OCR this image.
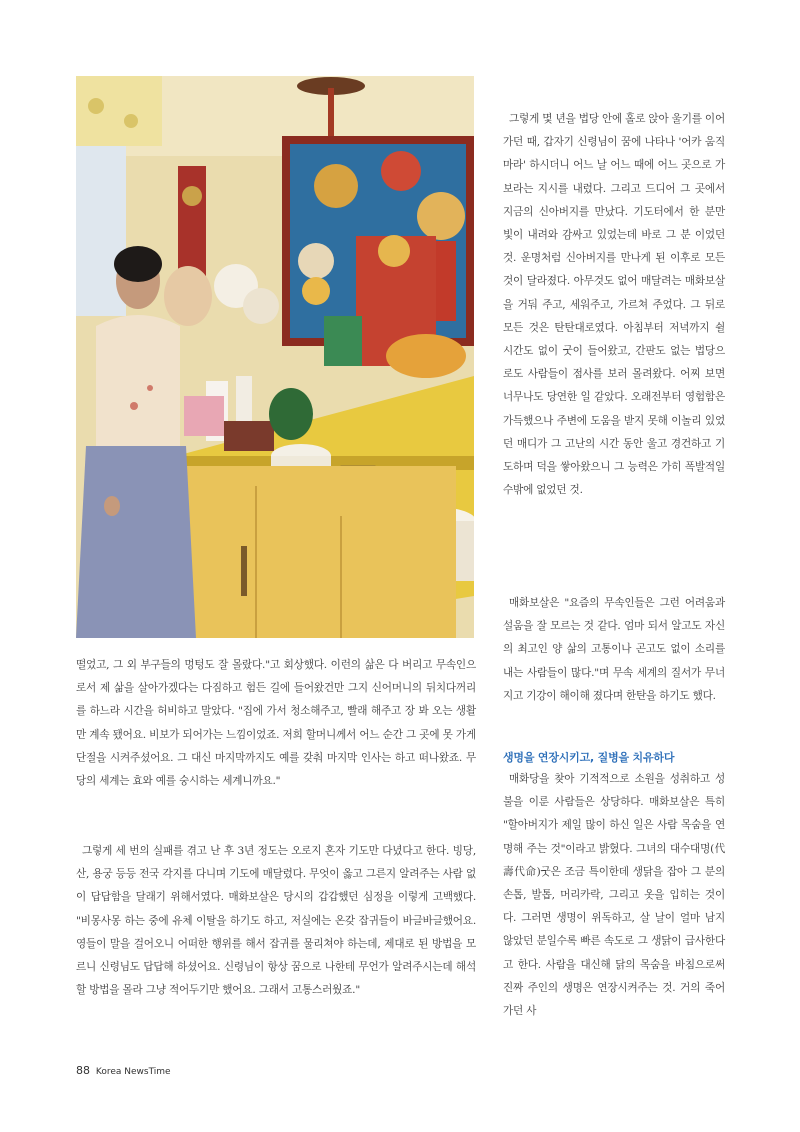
그렇게 몇 년을 법당 안에 홀로 앉아 울기를 이어가던 때, 갑자기 신령님이 꿈에 나타나 '어카 움직 마라' 하시더니 어느 날 어느 때에 어느 곳으로 가보라는 지시를 내렸다. 그리고 드디어 그 곳에서 지금의 신아버지를 만났다. 기도터에서 한 분만 빛이 내려와 감싸고 있었는데 바로 그 분 이었던 것. 운명처럼 신아버지를 만나게 된 이후로 모든 것이 달라졌다. 아무것도 없어 매달려는 매화보살을 거둬 주고, 세워주고, 가르쳐 주었다. 그 뒤로 모든 것은 탄탄대로였다. 아침부터 저녁까지 쉴 시간도 없이 굿이 들어왔고, 간판도 없는 법당으로도 사람들이 점사를 보러 몰려왔다. 어찌 보면 너무나도 당연한 일 같았다. 오래전부터 영험함은 가득했으나 주변에 도움을 받지 못해 이놀리 있었던 매디가 그 고난의 시간 동안 울고 경건하고 기도하며 덕을 쌓아왔으니 그 능력은 가히 폭발적일 수밖에 없었던 것.

매화보살은 "요즘의 무속인들은 그런 어려움과 설움을 잘 모르는 것 같다. 엄마 되서 알고도 자신의 최고인 양 삶의 고통이나 곤고도 없이 소리를 내는 사람들이 많다."며 무속 세계의 질서가 무너지고 기강이 해이해 졌다며 한탄을 하기도 했다.

생명을 연장시키고, 질병을 치유하다

매화당을 찾아 기적적으로 소원을 성취하고 성불을 이룬 사람들은 상당하다. 매화보살은 특히 "할아버지가 제일 많이 하신 일은 사람 목숨을 연명해 주는 것"이라고 밝혔다. 그녀의 대수대명(代壽代命)굿은 조금 특이한데 생닭을 잡아 그 분의 손톱, 발톱, 머리카락, 그리고 옷을 입히는 것이다. 그러면 생명이 위독하고, 살 날이 얼마 남지 않았던 분일수록 빠른 속도로 그 생닭이 급사한다고 한다. 사람을 대신해 닭의 목숨을 바침으로써 진짜 주인의 생명은 연장시켜주는 것. 거의 죽어가던 사

떨었고, 그 외 부구들의 멍텅도 잘 몰랐다."고 회상했다. 이런의 삶은 다 버리고 무속인으로서 제 삶을 살아가겠다는 다짐하고 험든 길에 들어왔건만 그지 신어머니의 뒤치다꺼리를 하느라 시간을 허비하고 말았다. "집에 가서 청소해주고, 빨래 해주고 장 봐 오는 생활만 계속 됐어요. 비보가 되어가는 느낌이었죠. 저희 할머니께서 어느 순간 그 곳에 못 가게 단절을 시켜주셨어요. 그 대신 마지막까지도 예를 갖춰 마지막 인사는 하고 떠나왔죠. 무당의 세계는 효와 예를 숭시하는 세계니까요."

그렇게 세 번의 실패를 겪고 난 후 3년 정도는 오로지 혼자 기도만 다녔다고 한다. 빙당, 산, 용궁 등등 전국 각지를 다니며 기도에 매달렸다. 무엇이 옳고 그른지 알려주는 사람 없이 답답함을 달래기 위해서였다. 매화보살은 당시의 갑갑했던 심정을 이렇게 고백했다. "비몽사몽 하는 중에 유체 이탈을 하기도 하고, 저실에는 온갖 잡귀들이 바글바글했어요. 영들이 말을 걸어오니 어떠한 행위를 해서 잡귀를 물리쳐야 하는데, 제대로 된 방법을 모르니 신령님도 답답해 하셨어요. 신령님이 항상 꿈으로 나한테 무언가 알려주시는데 해석할 방법을 몰라 그냥 적어두기만 했어요. 그래서 고통스러웠죠."

88 Korea NewsTime
